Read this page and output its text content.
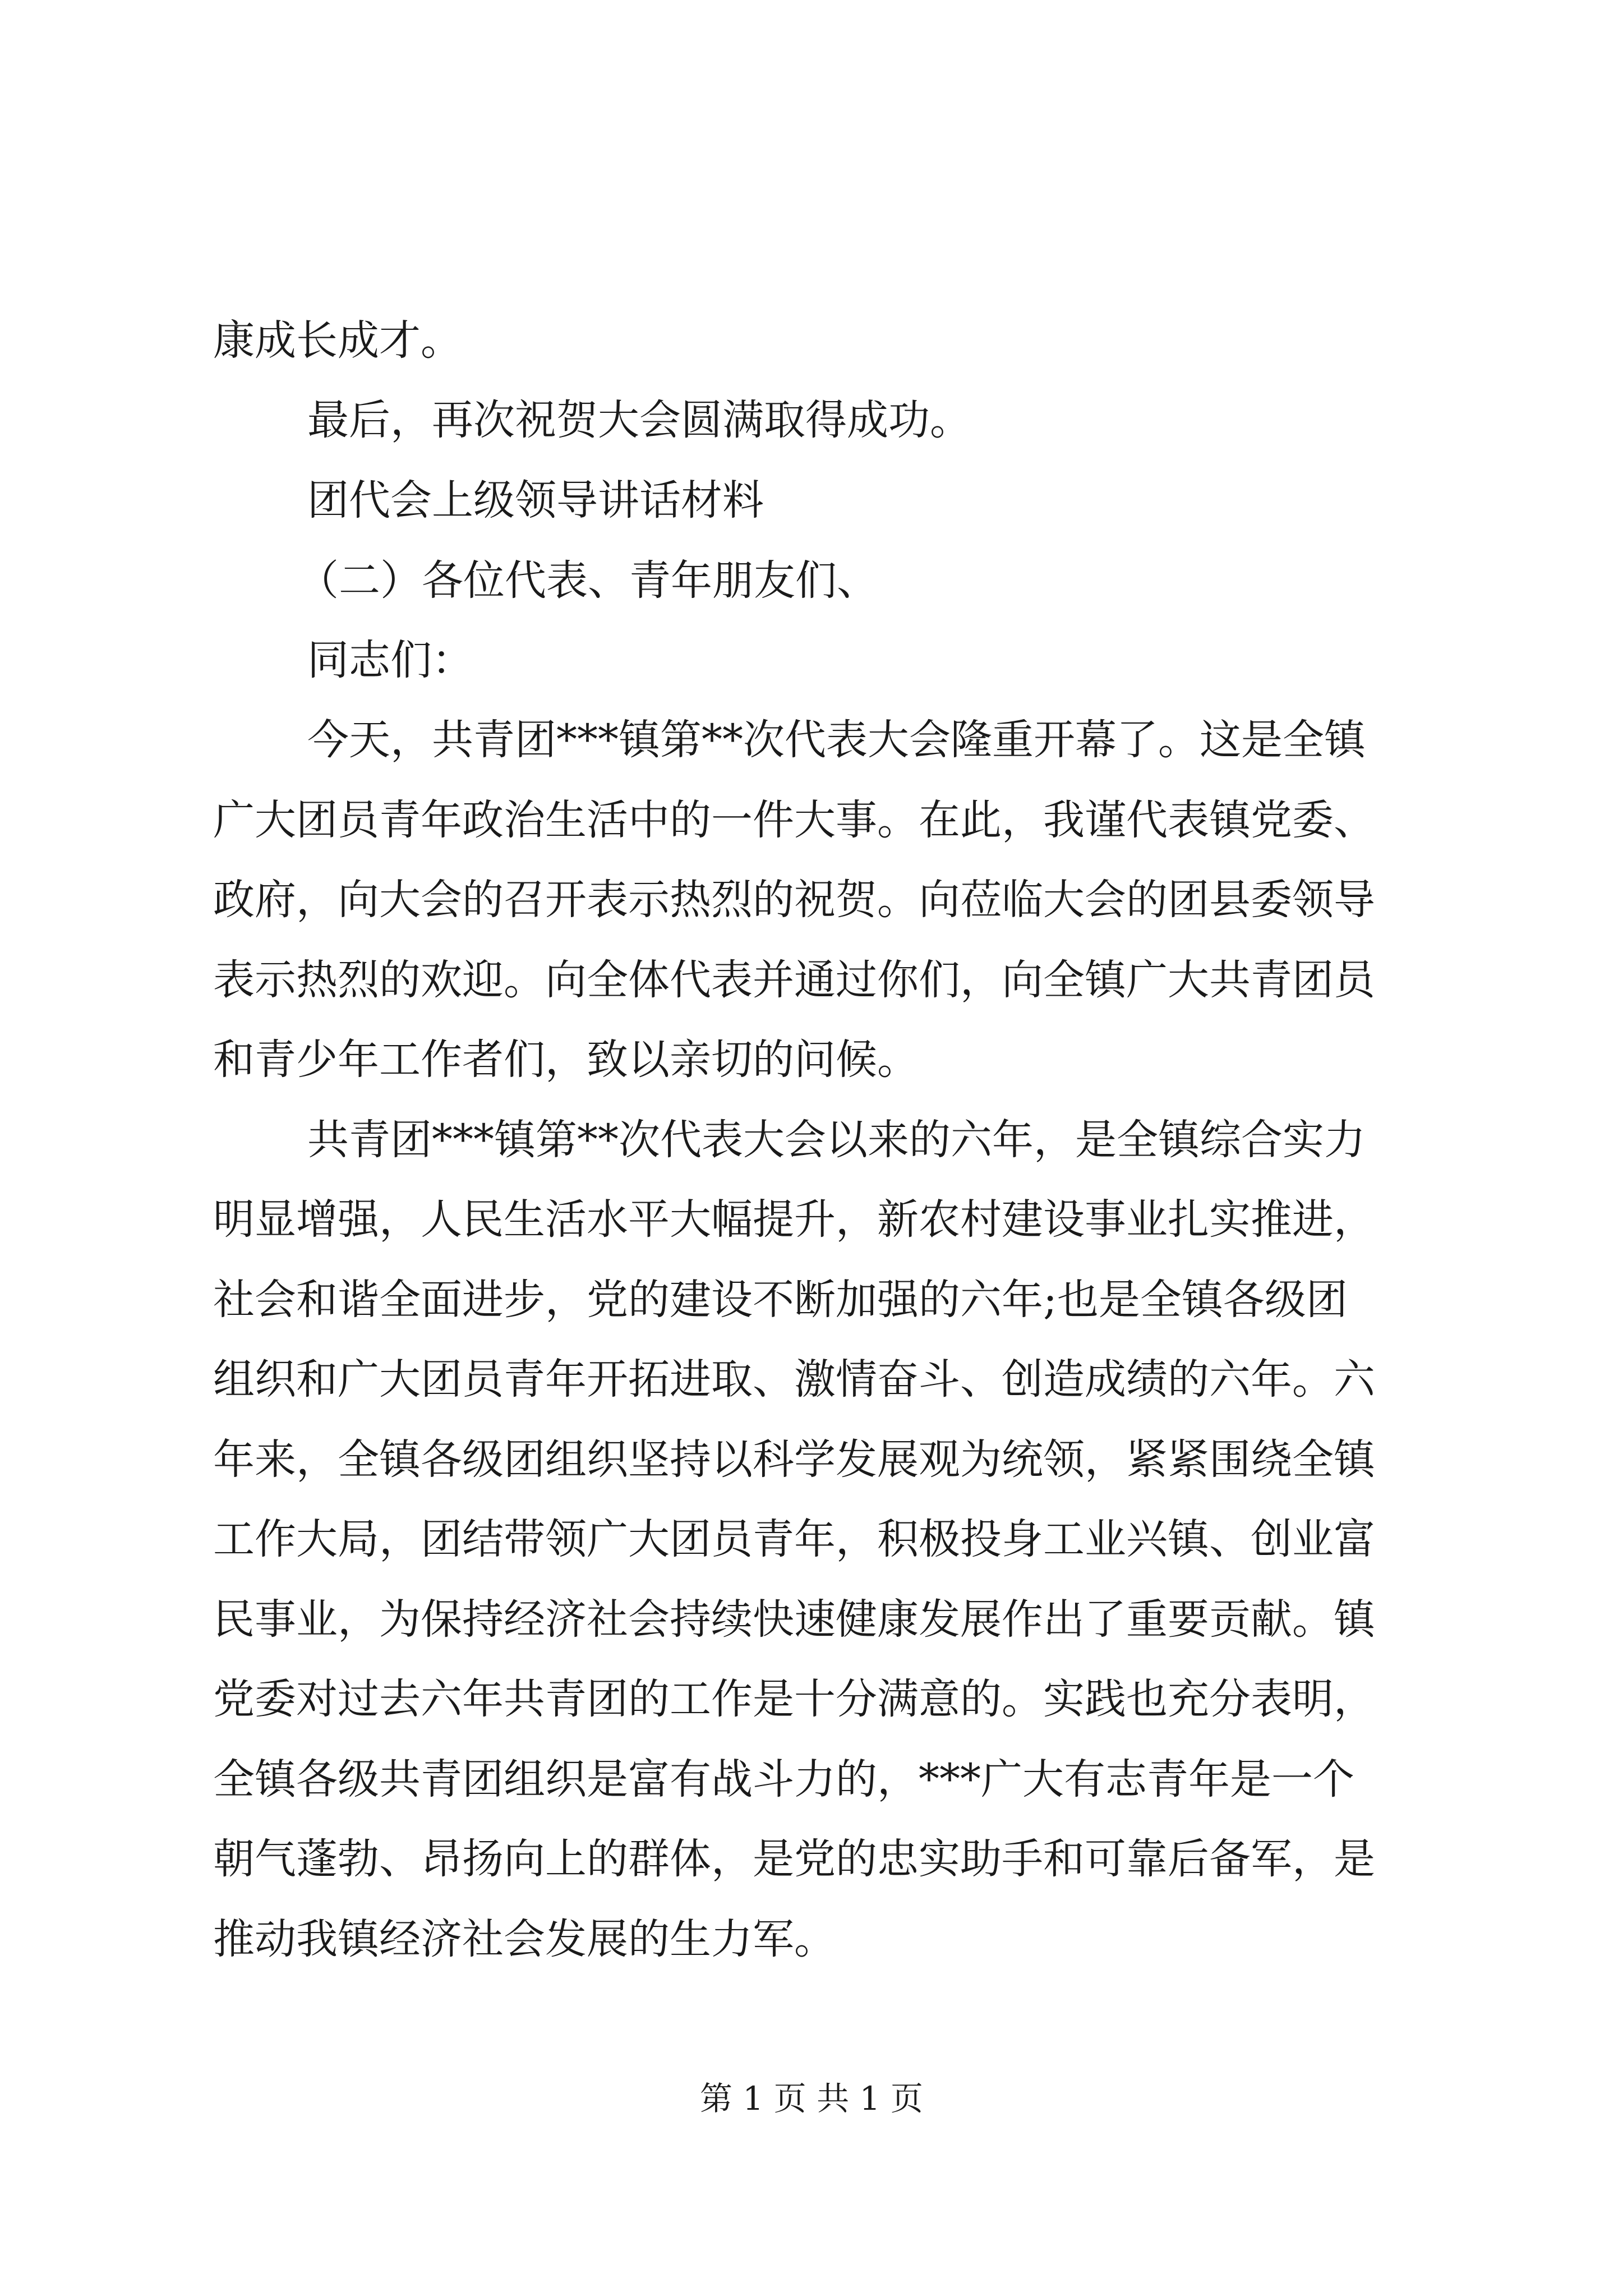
康成长成才。
最后，再次祝贺大会圆满取得成功。
团代会上级领导讲话材料
（二）各位代表、青年朋友们、
同志们：
今天，共青团***镇第**次代表大会隆重开幕了。这是全镇
广大团员青年政治生活中的一件大事。在此，我谨代表镇党委、
政府，向大会的召开表示热烈的祝贺。向莅临大会的团县委领导
表示热烈的欢迎。向全体代表并通过你们，向全镇广大共青团员
和青少年工作者们，致以亲切的问候。
共青团***镇第**次代表大会以来的六年，是全镇综合实力
明显增强，人民生活水平大幅提升，新农村建设事业扎实推进，
社会和谐全面进步，党的建设不断加强的六年;也是全镇各级团
组织和广大团员青年开拓进取、激情奋斗、创造成绩的六年。六
年来，全镇各级团组织坚持以科学发展观为统领，紧紧围绕全镇
工作大局，团结带领广大团员青年，积极投身工业兴镇、创业富
民事业，为保持经济社会持续快速健康发展作出了重要贡献。镇
党委对过去六年共青团的工作是十分满意的。实践也充分表明，
全镇各级共青团组织是富有战斗力的，***广大有志青年是一个
朝气蓬勃、昂扬向上的群体，是党的忠实助手和可靠后备军，是
推动我镇经济社会发展的生力军。
第 1 页 共 1 页
